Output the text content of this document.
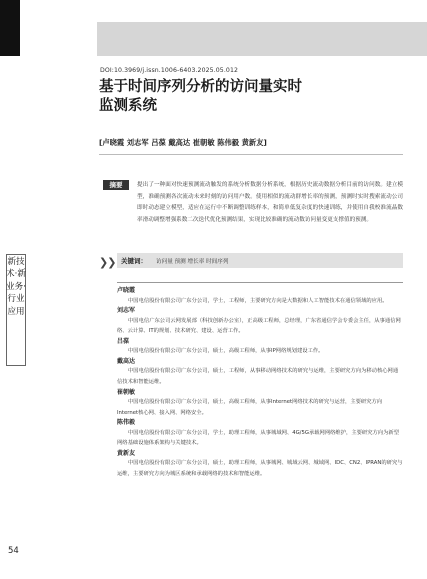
DOI:10.3969/j.issn.1006-6403.2025.05.012
基于时间序列分析的访问量实时
监测系统
[卢晓霞 刘志军 吕葆 戴高达 崔朝敏 陈伟毅 黄新友]
摘要	提出了一种面对快速预测流动触发的系统分析数据分析系统，根据历史流动数据分析目前的访问数。建立模型，准确预测各次流动未来时刻的访问用户数。使用相似的流动群增长率的预测，预测时实时搜索流动公司即时动态建立模型，适应在运行中不断调整训练样本，和简单低复杂度的快速训练，并使用自我校准流晶数率滑动调整增强系数二次迭代优化预测结果，实现比较准确的流动数访问量变更支撑值的预测。
❯❯ 关键词： 访问量 预测 增长率 时间序列
卢晓霞
中国电信股份有限公司广东分公司，学士，工程师，主要研究方向是大数据和人工智能技术在通信领域的应用。
刘志军
中国电信广东公司云网发展部（科技创新办公室），正高级工程师，总经理，广东省通信学会专委会主任，从事通信网络、云计算、IT的规划、技术研究、建设、运营工作。
吕葆
中国电信股份有限公司广东分公司，硕士，高级工程师，从事IP网络规划建设工作。
戴高达
中国电信股份有限公司广东分公司，硕士，工程师，从事移动网络技术的研究与运维，主要研究方向为移动核心网通信技术和智能运维。
崔朝敏
中国电信股份有限公司广东分公司，硕士，高级工程师，从事Internet网络技术的研究与运营，主要研究方向Internet核心网、接入网、网络安全。
陈伟毅
中国电信股份有限公司广东分公司，学士，助理工程师，从事城域网、4G/5G承载网网络维护，主要研究方向为新型网络基础设施体系架构与关键技术。
黄新友
中国电信股份有限公司广东分公司，硕士，助理工程师，从事城网、城域云网、城域网、IDC、CN2、IPRAN的研究与运维，主要研究方向为城区系统和承载网络的技术和智能运维。
新技术·新业务·行业应用
54
